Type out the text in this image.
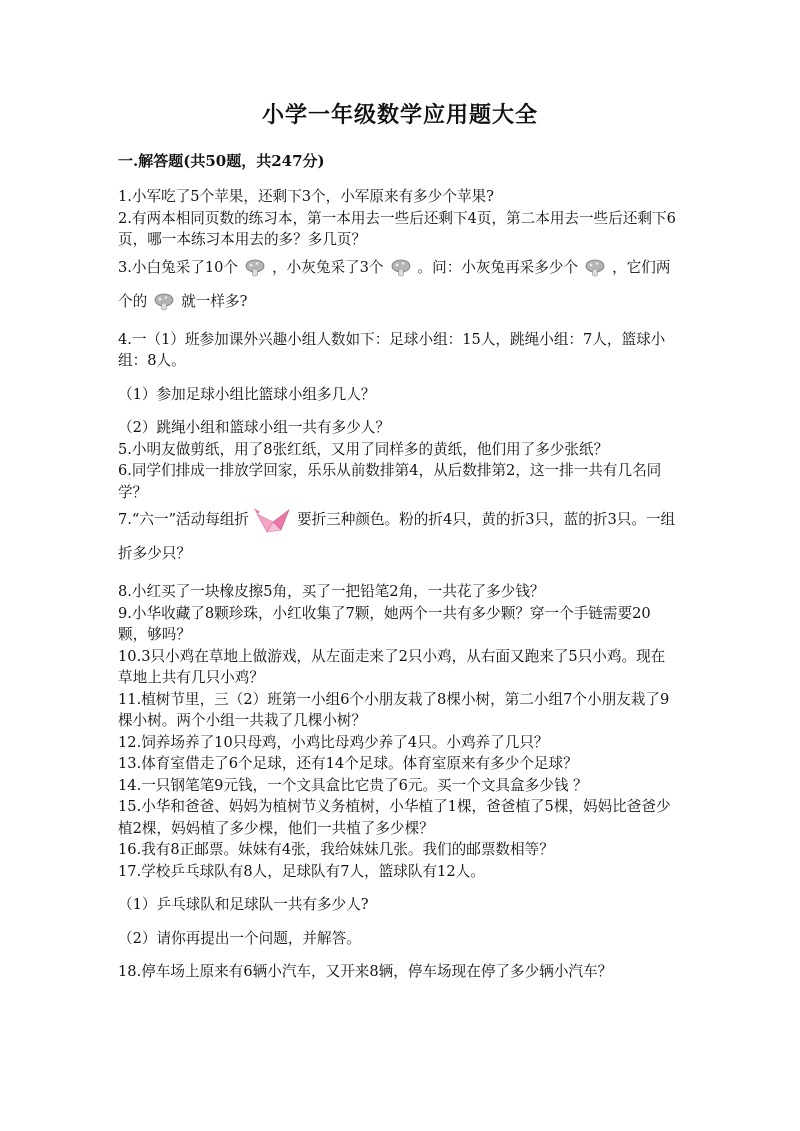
小学一年级数学应用题大全
一.解答题(共50题，共247分)

1.小军吃了5个苹果，还剩下3个，小军原来有多少个苹果?

2.有两本相同页数的练习本，第一本用去一些后还剩下4页，第二本用去一些后还剩下6页，哪一本练习本用去的多？多几页？

3.小白兔采了10个 ，小灰兔采了3个 。问：小灰兔再采多少个 ，它们两个的 就一样多?

4.一（1）班参加课外兴趣小组人数如下：足球小组：15人，跳绳小组：7人，篮球小组：8人。

（1）参加足球小组比篮球小组多几人？

（2）跳绳小组和篮球小组一共有多少人？

5.小明友做剪纸，用了8张红纸，又用了同样多的黄纸，他们用了多少张纸？

6.同学们排成一排放学回家，乐乐从前数排第4，从后数排第2，这一排一共有几名同学？

7.“六一”活动每组折	要折三种颜色。粉的折4只，黄的折3只，蓝的折3只。一组折多少只？

8.小红买了一块橡皮擦5角，买了一把铅笔2角，一共花了多少钱？

9.小华收藏了8颗珍珠，小红收集了7颗，她两个一共有多少颗？穿一个手链需要20颗，够吗？

10.3只小鸡在草地上做游戏，从左面走来了2只小鸡，从右面又跑来了5只小鸡。现在草地上共有几只小鸡？

11.植树节里，三（2）班第一小组6个小朋友栽了8棵小树，第二小组7个小朋友栽了9棵小树。两个小组一共栽了几棵小树？

12.饲养场养了10只母鸡，小鸡比母鸡少养了4只。小鸡养了几只？

13.体育室借走了6个足球，还有14个足球。体育室原来有多少个足球？

14.一只钢笔笔9元钱，一个文具盒比它贵了6元。买一个文具盒多少钱 ？

15.小华和爸爸、妈妈为植树节义务植树，小华植了1棵，爸爸植了5棵，妈妈比爸爸少植2棵，妈妈植了多少棵，他们一共植了多少棵？

16.我有8正邮票。妹妹有4张，我给妹妹几张。我们的邮票数相等？

17.学校乒乓球队有8人，足球队有7人，篮球队有12人。

（1）乒乓球队和足球队一共有多少人?

（2）请你再提出一个问题，并解答。

18.停车场上原来有6辆小汽车，又开来8辆，停车场现在停了多少辆小汽车？
